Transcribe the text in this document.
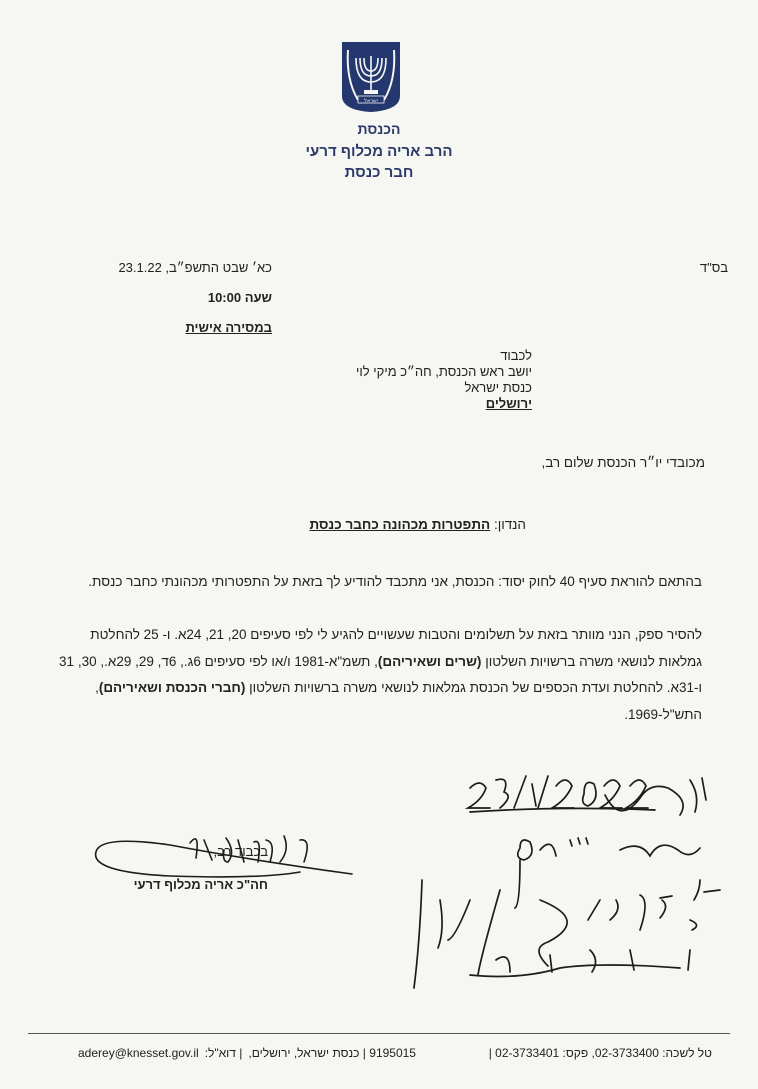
ישראל
הכנסת
הרב אריה מכלוף דרעי
חבר כנסת
בס"ד
כא׳ שבט התשפ״ב, 23.1.22
שעה 10:00
במסירה אישית
לכבוד
יושב ראש הכנסת, חה״כ מיקי לוי
כנסת ישראל
ירושלים
מכובדי יו״ר הכנסת שלום רב,
הנדון: התפטרות מכהונה כחבר כנסת
בהתאם להוראת סעיף 40 לחוק יסוד: הכנסת, אני מתכבד להודיע לך בזאת על התפטרותי מכהונתי כחבר כנסת.
להסיר ספק, הנני מוותר בזאת על תשלומים והטבות שעשויים להגיע לי לפי סעיפים 20, 21, 24א. ו- 25 להחלטת גמלאות לנושאי משרה ברשויות השלטון (שרים ושאיריהם), תשמ"א-1981 ו/או לפי סעיפים 6ג., 6ד, 29, 29א., 30, 31 ו-31א. להחלטת ועדת הכספים של הכנסת גמלאות לנושאי משרה ברשויות השלטון (חברי הכנסת ושאיריהם), התש"ל-1969.
בכבוד רב,
חה"כ אריה מכלוף דרעי
aderey@knesset.gov.il | דוא"ל: 9195015 | כנסת ישראל, ירושלים,	טל לשכה: 02-3733400, פקס: 02-3733401 |
